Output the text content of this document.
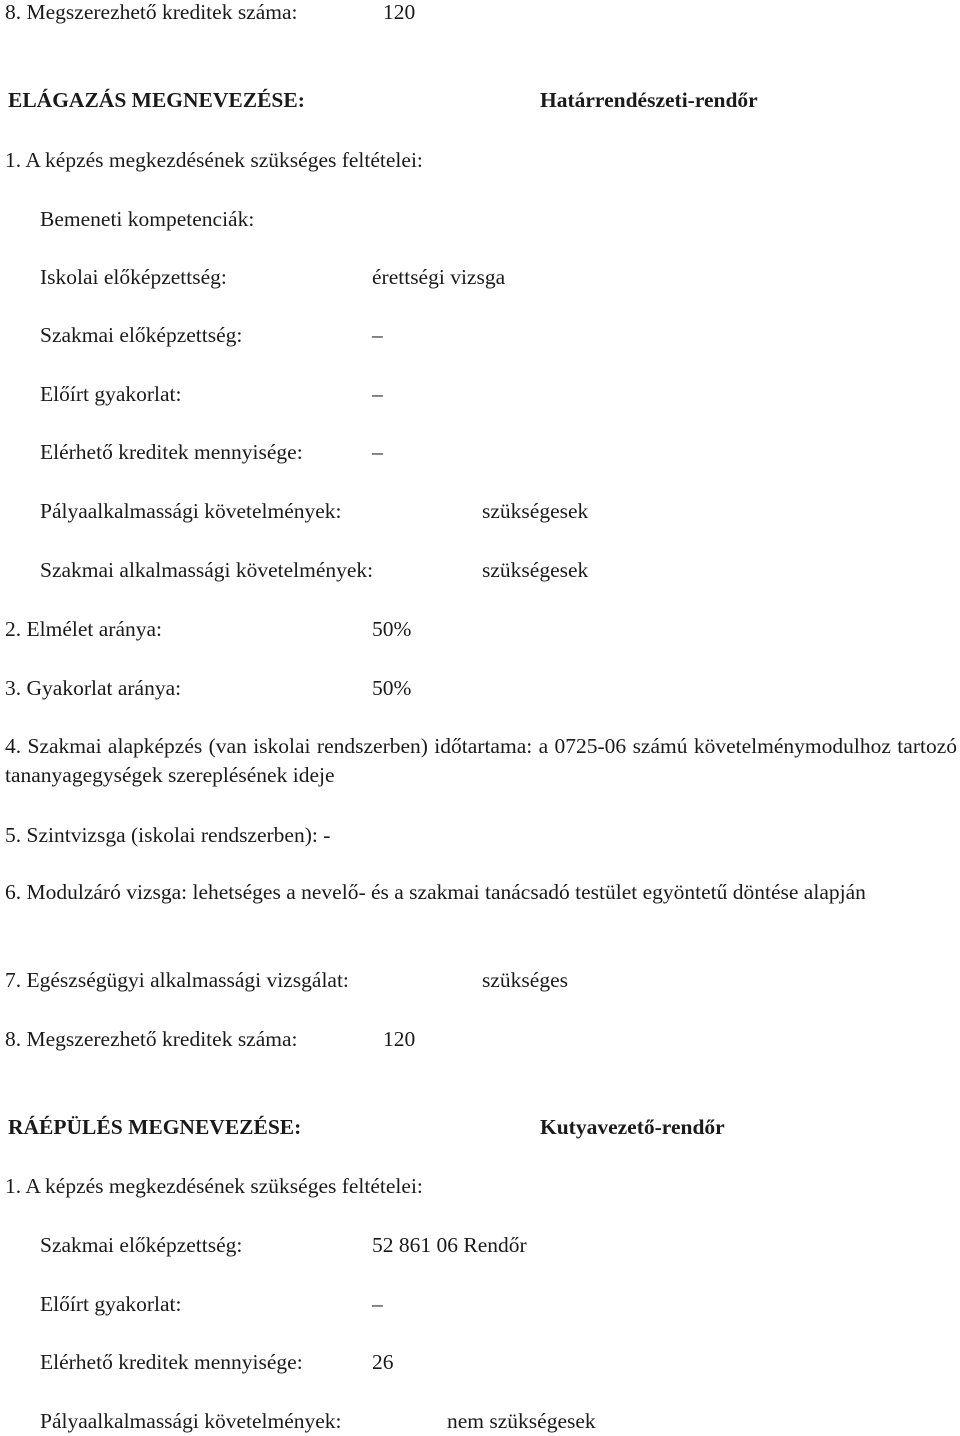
8. Megszerezhető kreditek száma:	120
ELÁGAZÁS MEGNEVEZÉSE:	Határrendészeti-rendőr
1. A képzés megkezdésének szükséges feltételei:
Bemeneti kompetenciák:
Iskolai előképzettség:	érettségi vizsga
Szakmai előképzettség:	–
Előírt gyakorlat:	–
Elérhető kreditek mennyisége:	–
Pályaalkalmassági követelmények:	szükségesek
Szakmai alkalmassági követelmények:	szükségesek
2. Elmélet aránya:	50%
3. Gyakorlat aránya:	50%
4. Szakmai alapképzés (van iskolai rendszerben) időtartama: a 0725-06 számú követelménymodulhoz tartozó tananyagegységek szereplésének ideje
5. Szintvizsga (iskolai rendszerben): -
6. Modulzáró vizsga: lehetséges a nevelő- és a szakmai tanácsadó testület egyöntetű döntése alapján
7. Egészségügyi alkalmassági vizsgálat:	szükséges
8. Megszerezhető kreditek száma:	120
RÁÉPÜLÉS MEGNEVEZÉSE:	Kutyavezető-rendőr
1. A képzés megkezdésének szükséges feltételei:
Szakmai előképzettség:	52 861 06 Rendőr
Előírt gyakorlat:	–
Elérhető kreditek mennyisége:	26
Pályaalkalmassági követelmények:	nem szükségesek
